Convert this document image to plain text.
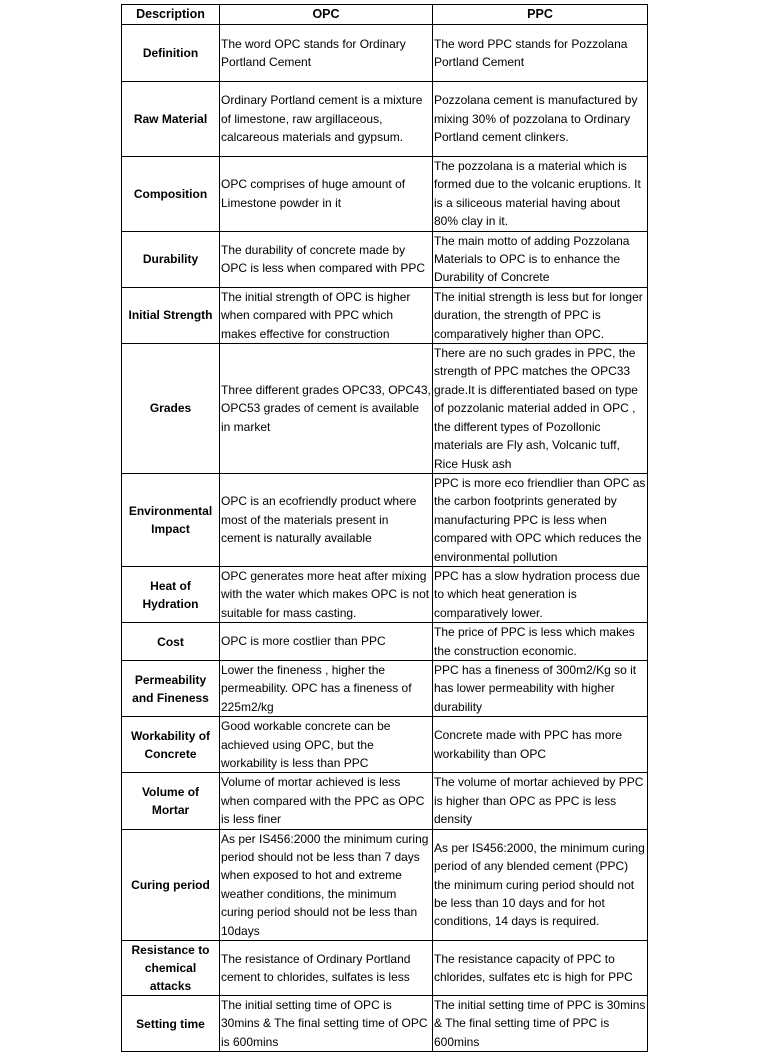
Description	OPC	PPC
Definition	The word OPC stands for Ordinary Portland Cement	The word PPC stands for Pozzolana Portland Cement
Raw Material	Ordinary Portland cement is a mixture of limestone, raw argillaceous, calcareous materials and gypsum.	Pozzolana cement is manufactured by mixing 30% of pozzolana to Ordinary Portland cement clinkers.
Composition	OPC comprises of huge amount of Limestone powder in it	The pozzolana is a material which is formed due to the volcanic eruptions. It is a siliceous material having about 80% clay in it.
Durability	The durability of concrete made by OPC is less when compared with PPC	The main motto of adding Pozzolana Materials to OPC is to enhance the Durability of Concrete
Initial Strength	The initial strength of OPC is higher when compared with PPC which makes effective for construction	The initial strength is less but for longer duration, the strength of PPC is comparatively higher than OPC.
Grades	Three different grades OPC33, OPC43, OPC53 grades of cement is available in market	There are no such grades in PPC, the strength of PPC matches the OPC33 grade.It is differentiated based on type of pozzolanic material added in OPC , the different types of Pozollonic materials are Fly ash, Volcanic tuff, Rice Husk ash
Environmental Impact	OPC is an ecofriendly product where most of the materials present in cement is naturally available	PPC is more eco friendlier than OPC as the carbon footprints generated by manufacturing PPC is less when compared with OPC which reduces the environmental pollution
Heat of Hydration	OPC generates more heat after mixing with the water which makes OPC is not suitable for mass casting.	PPC has a slow hydration process due to which heat generation is comparatively lower.
Cost	OPC is more costlier than PPC	The price of PPC is less which makes the construction economic.
Permeability and Fineness	Lower the fineness , higher the permeability. OPC has a fineness of 225m2/kg	PPC has a fineness of 300m2/Kg so it has lower permeability with higher durability
Workability of Concrete	Good workable concrete can be achieved using OPC, but the workability is less than PPC	Concrete made with PPC has more workability than OPC
Volume of Mortar	Volume of mortar achieved is less when compared with the PPC as OPC is less finer	The volume of mortar achieved by PPC is higher than OPC as PPC is less density
Curing period	As per IS456:2000 the minimum curing period should not be less than 7 days when exposed to hot and extreme weather conditions, the minimum curing period should not be less than 10days	As per IS456:2000, the minimum curing period of any blended cement (PPC) the minimum curing period should not be less than 10 days and for hot conditions, 14 days is required.
Resistance to chemical attacks	The resistance of Ordinary Portland cement to chlorides, sulfates is less	The resistance capacity of PPC to chlorides, sulfates etc is high for PPC
Setting time	The initial setting time of OPC is 30mins & The final setting time of OPC is 600mins	The initial setting time of PPC is 30mins & The final setting time of PPC is 600mins
